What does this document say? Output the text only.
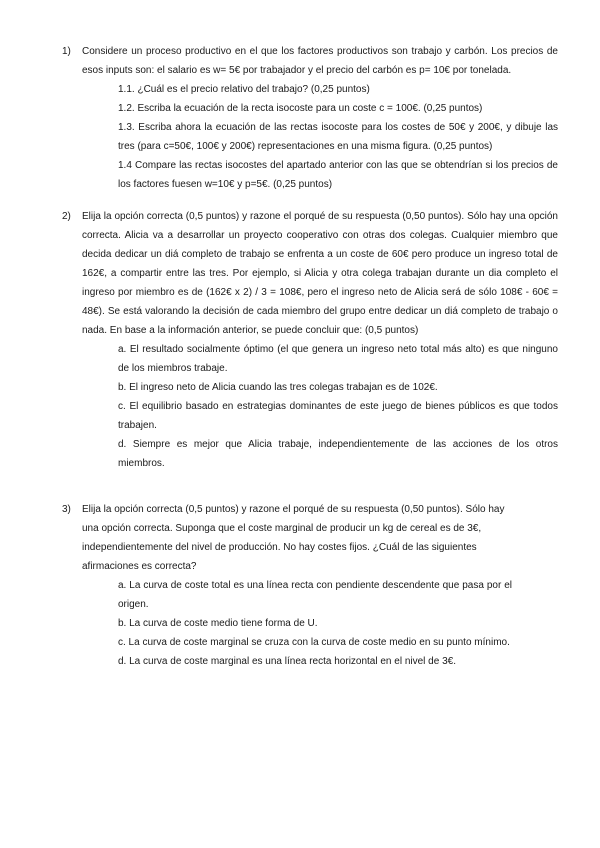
1) Considere un proceso productivo en el que los factores productivos son trabajo y carbón. Los precios de esos inputs son: el salario es w= 5€ por trabajador y el precio del carbón es p= 10€ por tonelada.

1.1. ¿Cuál es el precio relativo del trabajo? (0,25 puntos)

1.2. Escriba la ecuación de la recta isocoste para un coste c = 100€. (0,25 puntos)

1.3. Escriba ahora la ecuación de las rectas isocoste para los costes de 50€ y 200€, y dibuje las tres (para c=50€, 100€ y 200€) representaciones en una misma figura. (0,25 puntos)

1.4 Compare las rectas isocostes del apartado anterior con las que se obtendrían si los precios de los factores fuesen w=10€ y p=5€. (0,25 puntos)

2) Elija la opción correcta (0,5 puntos) y razone el porqué de su respuesta (0,50 puntos). Sólo hay una opción correcta. Alicia va a desarrollar un proyecto cooperativo con otras dos colegas. Cualquier miembro que decida dedicar un diá completo de trabajo se enfrenta a un coste de 60€ pero produce un ingreso total de 162€, a compartir entre las tres. Por ejemplo, si Alicia y otra colega trabajan durante un dia completo el ingreso por miembro es de (162€ x 2) / 3 = 108€, pero el ingreso neto de Alicia será de sólo 108€ - 60€ = 48€). Se está valorando la decisión de cada miembro del grupo entre dedicar un diá completo de trabajo o nada. En base a la información anterior, se puede concluir que: (0,5 puntos)

a. El resultado socialmente óptimo (el que genera un ingreso neto total más alto) es que ninguno de los miembros trabaje.

b. El ingreso neto de Alicia cuando las tres colegas trabajan es de 102€.

c. El equilibrio basado en estrategias dominantes de este juego de bienes públicos es que todos trabajen.

d. Siempre es mejor que Alicia trabaje, independientemente de las acciones de los otros miembros.

3) Elija la opción correcta (0,5 puntos) y razone el porqué de su respuesta (0,50 puntos). Sólo hay una opción correcta. Suponga que el coste marginal de producir un kg de cereal es de 3€, independientemente del nivel de producción. No hay costes fijos. ¿Cuál de las siguientes afirmaciones es correcta?

a. La curva de coste total es una línea recta con pendiente descendente que pasa por el origen.

b. La curva de coste medio tiene forma de U.

c. La curva de coste marginal se cruza con la curva de coste medio en su punto mínimo.

d. La curva de coste marginal es una línea recta horizontal en el nivel de 3€.
